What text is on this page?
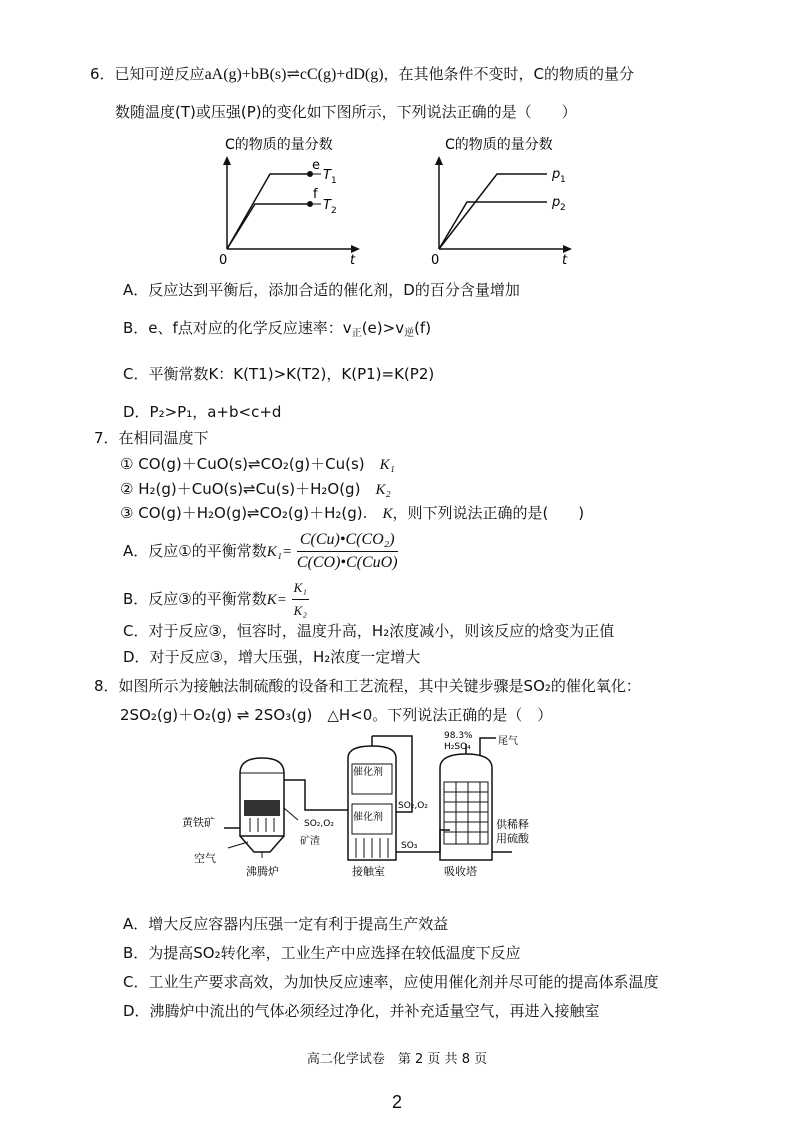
6．已知可逆反应aA(g)+bB(s)⇌cC(g)+dD(g)，在其他条件不变时，C的物质的量分
数随温度(T)或压强(P)的变化如下图所示，下列说法正确的是（　　）
C的物质的量分数
e
f
T 1
T 2
0	t
C的物质的量分数
p 1
p 2
0	t
A．反应达到平衡后，添加合适的催化剂，D的百分含量增加
B．e、f点对应的化学反应速率：$v_正(e)>v_逆(f)$
C．平衡常数K：K(T1)>K(T2)，K(P1)=K(P2)
D．P₂>P₁，a+b<c+d
7．在相同温度下
① CO(g)＋CuO(s)⇌CO₂(g)＋Cu(s)　 K₁
② H₂(g)＋CuO(s)⇌Cu(s)＋H₂O(g)　 K₂
③ CO(g)＋H₂O(g)⇌CO₂(g)＋H₂(g).　 K，则下列说法正确的是(　　)
A．反应①的平衡常数$K_1= \frac{\text{C(Cu)•C(CO₂)}}{\text{C(CO)•C(CuO)}}$
B．反应③的平衡常数$K= \frac{\text{K₁}}{\text{K₂}}$
C．对于反应③，恒容时，温度升高，H₂浓度减小，则该反应的焓变为正值
D．对于反应③，增大压强，H₂浓度一定增大
8．如图所示为接触法制硫酸的设备和工艺流程，其中关键步骤是SO₂的催化氧化：
2SO₂(g)＋O₂(g) ⇌ 2SO₃(g)　△H<0。下列说法正确的是（　）
黄铁矿
空气
沸腾炉
SO₂,O₂
矿渣
催化剂
催化剂
SO₂,O₂
SO₃
接触室
98.3%
H₂SO₄	尾气
供稀释
用硫酸
吸收塔
A．增大反应容器内压强一定有利于提高生产效益
B．为提高SO₂转化率，工业生产中应选择在较低温度下反应
C．工业生产要求高效，为加快反应速率，应使用催化剂并尽可能的提高体系温度
D．沸腾炉中流出的气体必须经过净化，并补充适量空气，再进入接触室
高二化学试卷　第 2 页 共 8 页
2
